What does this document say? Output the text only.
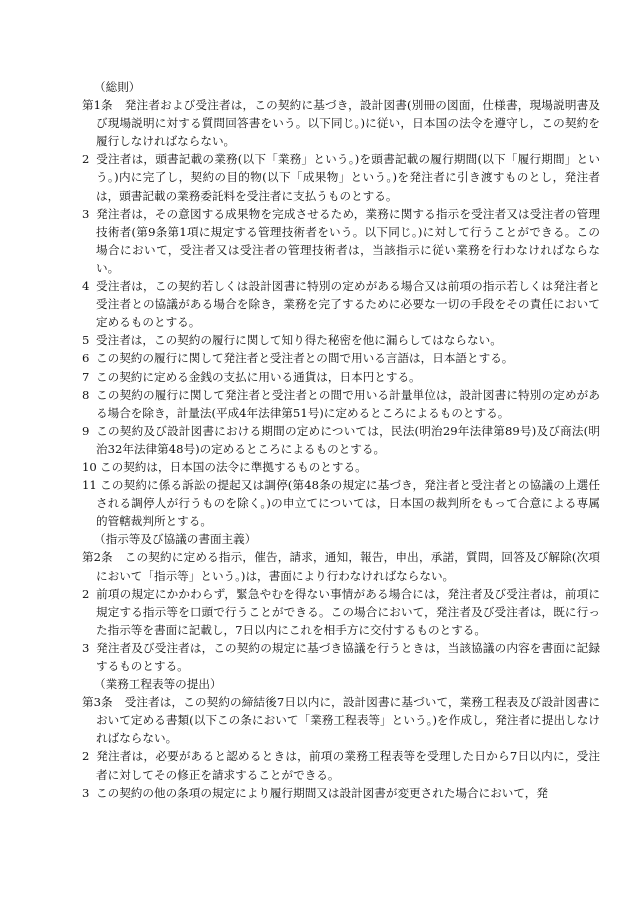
（総則）

第1条 発注者および受注者は，この契約に基づき，設計図書(別冊の図面，仕様書，現場説明書及び現場説明に対する質問回答書をいう。以下同じ。)に従い，日本国の法令を遵守し，この契約を履行しなければならない。

2 受注者は，頭書記載の業務(以下「業務」という。)を頭書記載の履行期間(以下「履行期間」という。)内に完了し，契約の目的物(以下「成果物」という。)を発注者に引き渡すものとし，発注者は，頭書記載の業務委託料を受注者に支払うものとする。

3 発注者は，その意図する成果物を完成させるため，業務に関する指示を受注者又は受注者の管理技術者(第9条第1項に規定する管理技術者をいう。以下同じ。)に対して行うことができる。この場合において，受注者又は受注者の管理技術者は，当該指示に従い業務を行わなければならない。

4 受注者は，この契約若しくは設計図書に特別の定めがある場合又は前項の指示若しくは発注者と受注者との協議がある場合を除き，業務を完了するために必要な一切の手段をその責任において定めるものとする。

5 受注者は，この契約の履行に関して知り得た秘密を他に漏らしてはならない。

6 この契約の履行に関して発注者と受注者との間で用いる言語は，日本語とする。

7 この契約に定める金銭の支払に用いる通貨は，日本円とする。

8 この契約の履行に関して発注者と受注者との間で用いる計量単位は，設計図書に特別の定めがある場合を除き，計量法(平成4年法律第51号)に定めるところによるものとする。

9 この契約及び設計図書における期間の定めについては，民法(明治29年法律第89号)及び商法(明治32年法律第48号)の定めるところによるものとする。

10 この契約は，日本国の法令に準拠するものとする。

11 この契約に係る訴訟の提起又は調停(第48条の規定に基づき，発注者と受注者との協議の上選任される調停人が行うものを除く。)の申立てについては，日本国の裁判所をもって合意による専属的管轄裁判所とする。

（指示等及び協議の書面主義）

第2条 この契約に定める指示，催告，請求，通知，報告，申出，承諾，質問，回答及び解除(次項において「指示等」という。)は，書面により行わなければならない。

2 前項の規定にかかわらず，緊急やむを得ない事情がある場合には，発注者及び受注者は，前項に規定する指示等を口頭で行うことができる。この場合において，発注者及び受注者は，既に行った指示等を書面に記載し，7日以内にこれを相手方に交付するものとする。

3 発注者及び受注者は，この契約の規定に基づき協議を行うときは，当該協議の内容を書面に記録するものとする。

（業務工程表等の提出）

第3条 受注者は，この契約の締結後7日以内に，設計図書に基づいて，業務工程表及び設計図書において定める書類(以下この条において「業務工程表等」という。)を作成し，発注者に提出しなければならない。

2 発注者は，必要があると認めるときは，前項の業務工程表等を受理した日から7日以内に，受注者に対してその修正を請求することができる。

3 この契約の他の条項の規定により履行期間又は設計図書が変更された場合において，発
